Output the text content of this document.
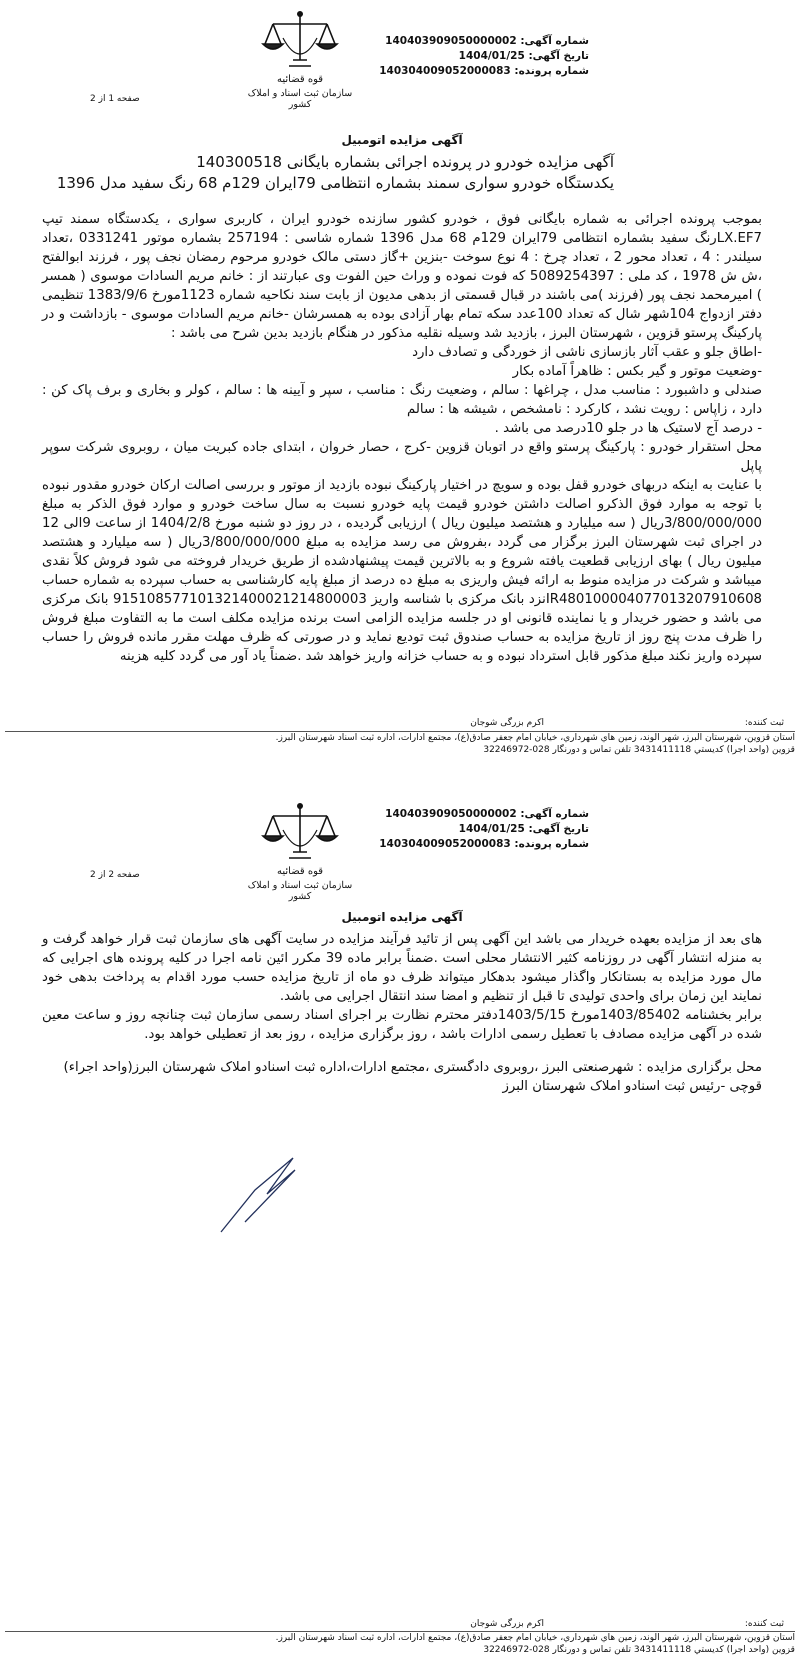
قوه قضائیه
سازمان ثبت اسناد و املاک کشور
شماره آگهی: 140403909050000002
تاریخ آگهی: 1404/01/25
شماره پرونده: 140304009052000083
صفحه 1 از 2
آگهی مزایده اتومبیل
آگهی مزایده خودرو در پرونده اجرائی بشماره بایگانی 140300518
یکدستگاه خودرو سواری سمند بشماره انتظامی 79ایران 129م 68 رنگ سفید مدل 1396

بموجب پرونده اجرائی به شماره بایگانی فوق ، خودرو کشور سازنده خودرو ایران ، کاربری سواری ، یکدستگاه سمند تیپ LX.EF7رنگ سفید بشماره انتظامی 79ایران 129م 68 مدل 1396 شماره شاسی : 257194 بشماره موتور 0331241 ،تعداد سیلندر : 4 ، تعداد محور 2 ، تعداد چرخ : 4 نوع سوخت -بنزین +گاز دستی مالک خودرو مرحوم رمضان نجف پور ، فرزند ابوالفتح ،ش ش 1978 ، کد ملی : 5089254397 که فوت نموده و وراث حین الفوت وی عبارتند از : خانم مریم السادات موسوی ( همسر ) امیرمحمد نجف پور (فرزند )می باشند در قبال قسمتی از بدهی مدیون از بابت سند نکاحیه شماره 1123مورخ 1383/9/6 تنظیمی دفتر ازدواج 104شهر شال که تعداد 100عدد سکه تمام بهار آزادی بوده به همسرشان -خانم مریم السادات موسوی - بازداشت و در پارکینگ پرستو قزوین ، شهرستان البرز ، بازدید شد وسیله نقلیه مذکور در هنگام بازدید بدین شرح می باشد :

-اطاق جلو و عقب آثار بازسازی ناشی از خوردگی و تصادف دارد

-وضعیت موتور و گیر بکس : ظاهراً آماده بکار

صندلی و داشبورد : مناسب مدل ، چراغها : سالم ، وضعیت رنگ : مناسب ، سپر و آیینه ها : سالم ، کولر و بخاری و برف پاک کن : دارد ، زاپاس : رویت نشد ، کارکرد : نامشخص ، شیشه ها : سالم

- درصد آج لاستیک ها در جلو 10درصد می باشد .

محل استقرار خودرو : پارکینگ پرستو واقع در اتوبان قزوین -کرج ، حصار خروان ، ابتدای جاده کبریت میان ، روبروی شرکت سوپر پاپل

با عنایت به اینکه دربهای خودرو قفل بوده و سویچ در اختیار پارکینگ نبوده بازدید از موتور و بررسی اصالت ارکان خودرو مقدور نبوده با توجه به موارد فوق الذکرو اصالت داشتن خودرو قیمت پایه خودرو نسبت به سال ساخت خودرو و موارد فوق الذکر به مبلغ 3/800/000/000ریال ( سه میلیارد و هشتصد میلیون ریال ) ارزیابی گردیده ، در روز دو شنبه مورخ 1404/2/8 از ساعت 9الی 12 در اجرای ثبت شهرستان البرز برگزار می گردد ،بفروش می رسد مزایده به مبلغ 3/800/000/000ریال ( سه میلیارد و هشتصد میلیون ریال ) بهای ارزیابی قطعیت یافته شروع و به بالاترین قیمت پیشنهادشده از طریق خریدار فروخته می شود فروش کلاً نقدی میباشد و شرکت در مزایده منوط به ارائه فیش واریزی به مبلغ ده درصد از مبلغ پایه کارشناسی به حساب سپرده به شماره حساب IR480100004077013207910608نزد بانک مرکزی با شناسه واریز 915108577101321400021214800003 بانک مرکزی می باشد و حضور خریدار و یا نماینده قانونی او در جلسه مزایده الزامی است برنده مزایده مکلف است ما به التفاوت مبلغ فروش را ظرف مدت پنج روز از تاریخ مزایده به حساب صندوق ثبت تودیع نماید و در صورتی که ظرف مهلت مقرر مانده فروش را حساب سپرده واریز نکند مبلغ مذکور قابل استرداد نبوده و به حساب خزانه واریز خواهد شد .ضمناً یاد آور می گردد کلیه هزینه

ثبت كننده:
اکرم بزرگی شوجان
استان قزوين، شهرستان البرز، شهر الوند، زمين هاي شهرداري، خيابان امام جعفر صادق(ع)، مجتمع ادارات، اداره ثبت اسناد شهرستان البرز.
قزوين (واحد اجرا) كديستي 3431411118 تلفن تماس و دورنگار 028-32246972
قوه قضائیه
سازمان ثبت اسناد و املاک کشور
شماره آگهی: 140403909050000002
تاریخ آگهی: 1404/01/25
شماره پرونده: 140304009052000083
صفحه 2 از 2
آگهی مزایده اتومبیل

های بعد از مزایده بعهده خریدار می باشد این آگهی پس از تائید فرآیند مزایده در سایت آگهی های سازمان ثبت قرار خواهد گرفت و به منزله انتشار آگهی در روزنامه کثیر الانتشار محلی است .ضمناً برابر ماده 39 مکرر ائین نامه اجرا در کلیه پرونده های اجرایی که مال مورد مزایده به بستانکار واگذار میشود بدهکار میتواند ظرف دو ماه از تاریخ مزایده حسب مورد اقدام به پرداخت بدهی خود نمایند این زمان برای واحدی تولیدی تا قبل از تنظیم و امضا سند انتقال اجرایی می باشد.

برابر بخشنامه 1403/85402مورخ 1403/5/15دفتر محترم نظارت بر اجرای اسناد رسمی سازمان ثبت چنانچه روز و ساعت معین شده در آگهی مزایده مصادف با تعطیل رسمی ادارات باشد ، روز برگزاری مزایده ، روز بعد از تعطیلی خواهد بود.

محل برگزاری مزایده : شهرصنعتی البرز ،روبروی دادگستری ،مجتمع ادارات،اداره ثبت اسنادو املاک شهرستان البرز(واحد اجراء)

قوچی -رئیس ثبت اسنادو املاک شهرستان البرز

ثبت كننده:
اکرم بزرگی شوجان
استان قزوين، شهرستان البرز، شهر الوند، زمين هاي شهرداري، خيابان امام جعفر صادق(ع)، مجتمع ادارات، اداره ثبت اسناد شهرستان البرز.
قزوين (واحد اجرا) كديستي 3431411118 تلفن تماس و دورنگار 028-32246972
